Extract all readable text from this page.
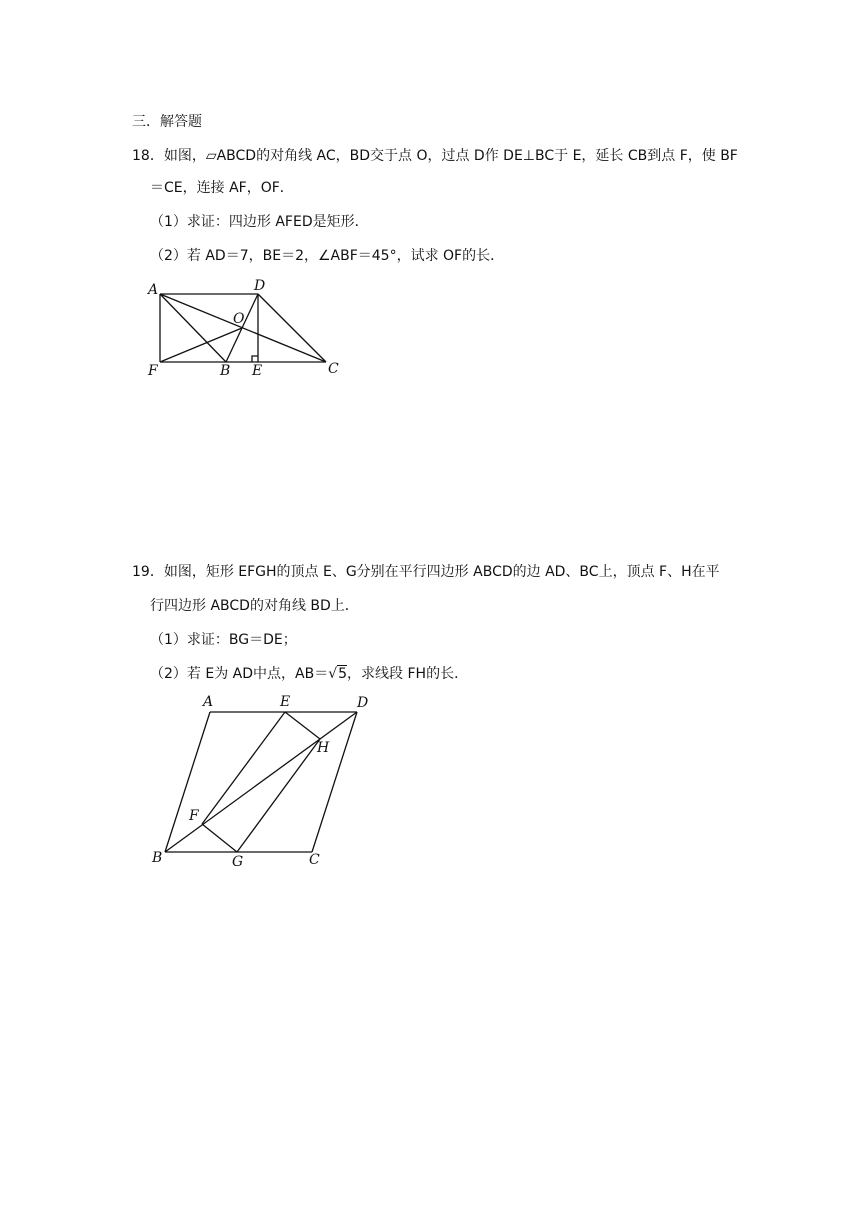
三．解答题
18．如图，▱ABCD的对角线 AC，BD交于点 O，过点 D作 DE⊥BC于 E，延长 CB到点 F，使 BF
＝CE，连接 AF，OF．
（1）求证：四边形 AFED是矩形．
（2）若 AD＝7，BE＝2，∠ABF＝45°，试求 OF的长．
A	D
O
F	B E	C
19．如图，矩形 EFGH的顶点 E、G分别在平行四边形 ABCD的边 AD、BC上，顶点 F、H在平
行四边形 ABCD的对角线 BD上．
（1）求证：BG＝DE；
（2）若 E为 AD中点，AB＝√5，求线段 FH的长．
A	E	D
H
F
B	G	C
